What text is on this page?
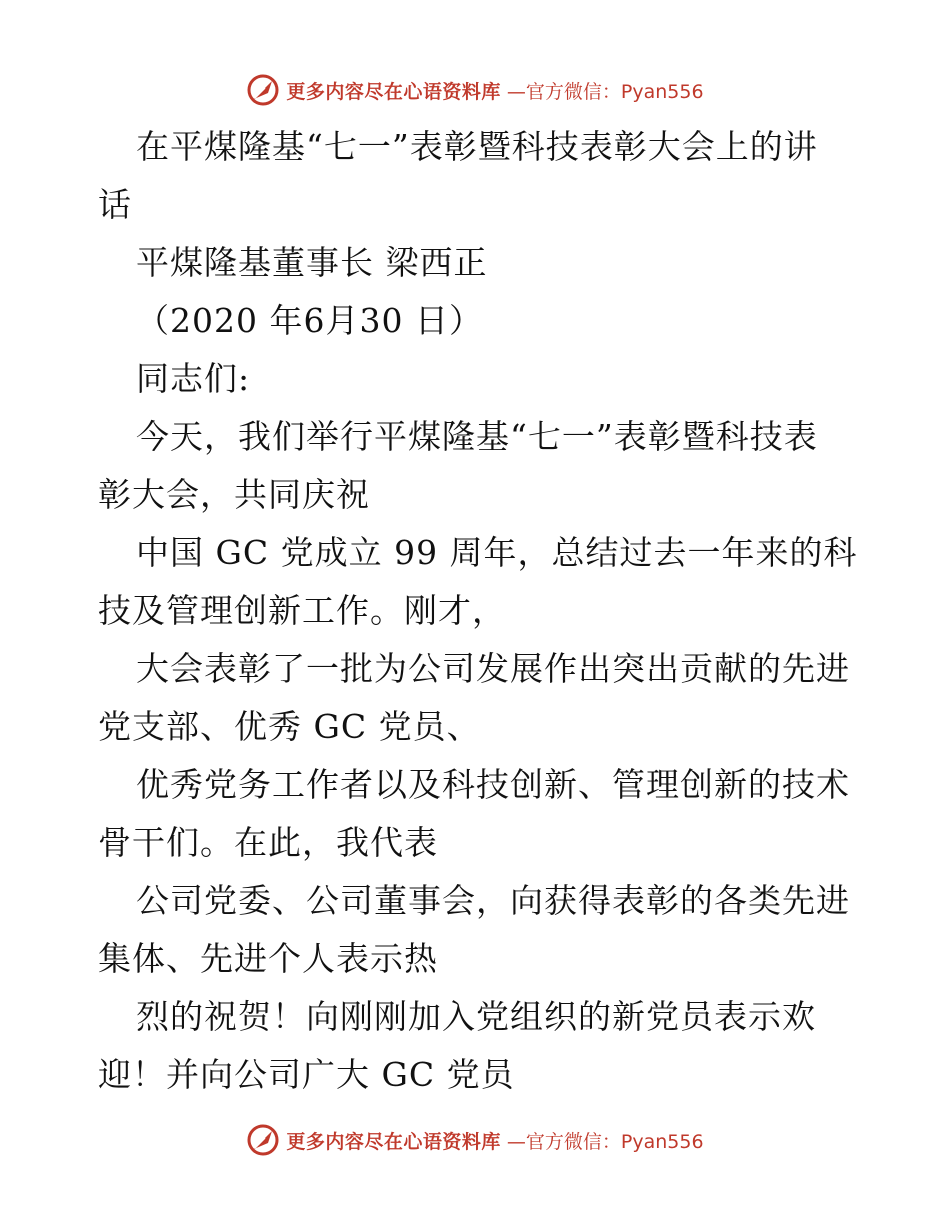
更多内容尽在心语资料库 —官方微信：Pyan556
在平煤隆基“七一”表彰暨科技表彰大会上的讲
话
平煤隆基董事长 梁西正
（2020 年6月30 日）
同志们:
今天，我们举行平煤隆基“七一”表彰暨科技表
彰大会，共同庆祝
中国 GC 党成立 99 周年，总结过去一年来的科
技及管理创新工作。刚才，
大会表彰了一批为公司发展作出突出贡献的先进
党支部、优秀 GC 党员、
优秀党务工作者以及科技创新、管理创新的技术
骨干们。在此，我代表
公司党委、公司董事会，向获得表彰的各类先进
集体、先进个人表示热
烈的祝贺！向刚刚加入党组织的新党员表示欢
迎！并向公司广大 GC 党员
更多内容尽在心语资料库 —官方微信：Pyan556
